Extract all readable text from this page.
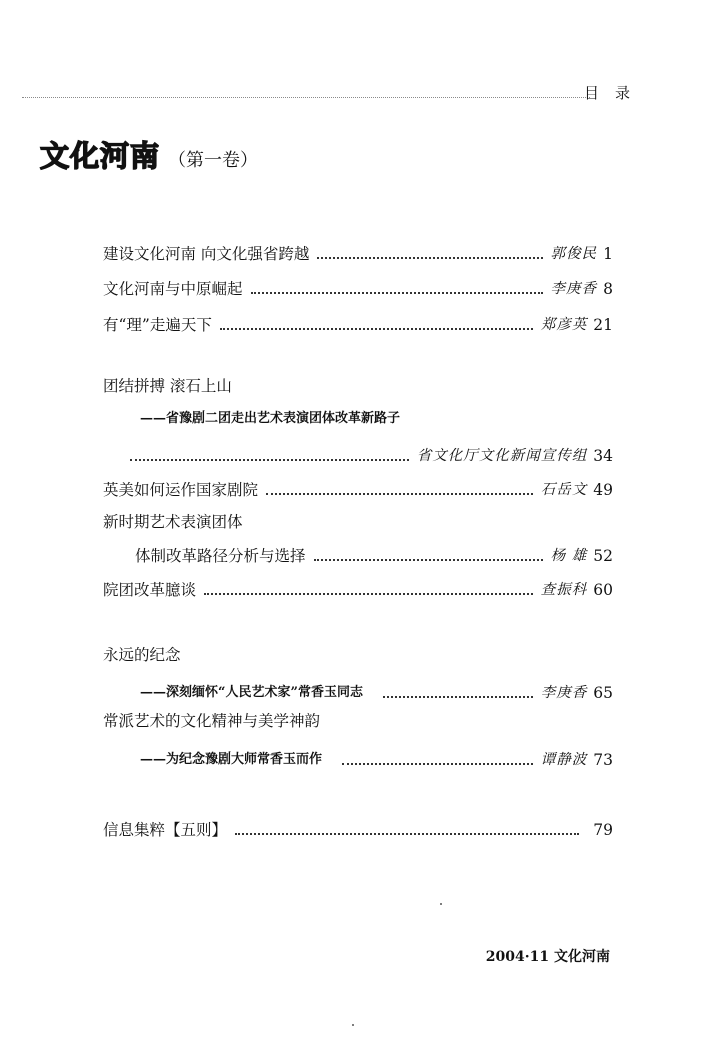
目录
文化河南 （第一卷）
建设文化河南 向文化强省跨越	郭俊民 1
文化河南与中原崛起	李庚香 8
有“理”走遍天下	郑彦英 21
团结拼搏 滚石上山
——省豫剧二团走出艺术表演团体改革新路子
省文化厅文化新闻宣传组 34
英美如何运作国家剧院	石岳文 49
新时期艺术表演团体
体制改革路径分析与选择	杨 雄 52
院团改革臆谈	查振科 60
永远的纪念
——深刻缅怀“人民艺术家”常香玉同志	李庚香 65
常派艺术的文化精神与美学神韵
——为纪念豫剧大师常香玉而作	谭静波 73
信息集粹【五则】	79
2004·11 文化河南
